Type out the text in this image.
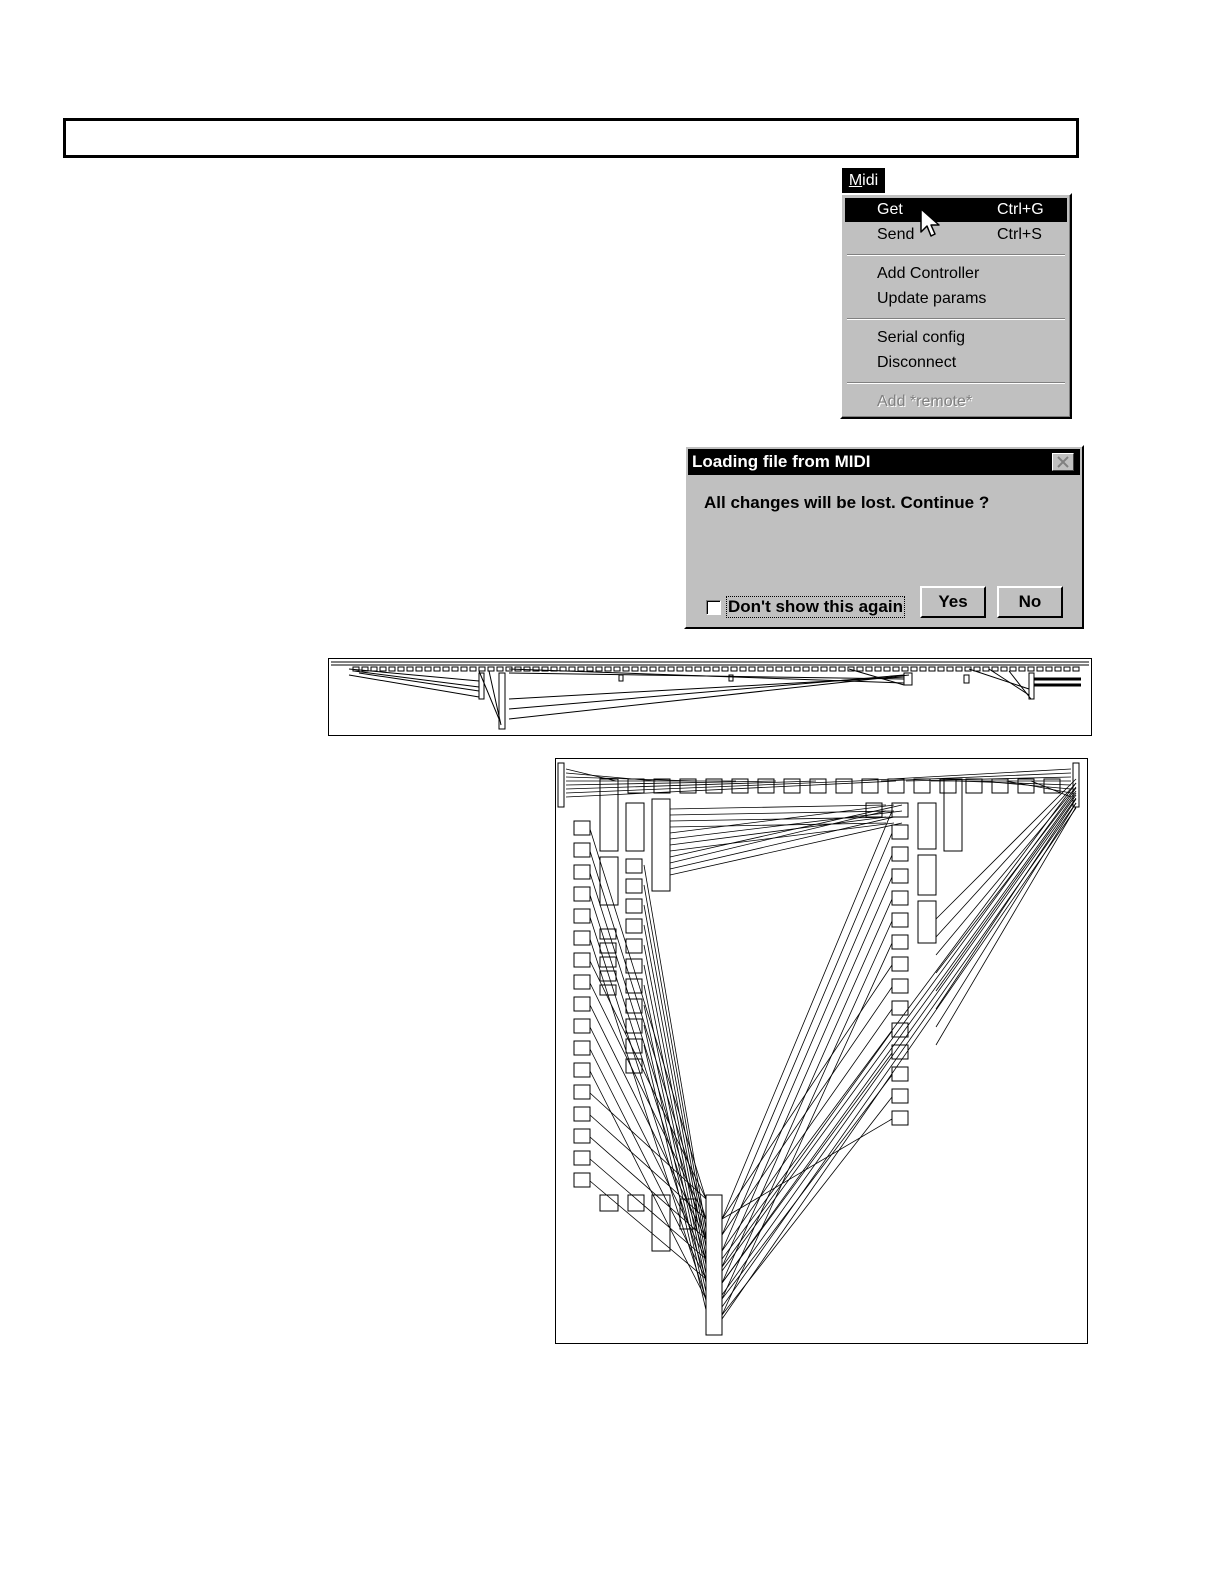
Midi
Get	Ctrl+G
Send	Ctrl+S
Add Controller
Update params
Serial config
Disconnect
Add *remote*
Loading file from MIDI
All changes will be lost. Continue ?
Don't show this again	Yes	No
